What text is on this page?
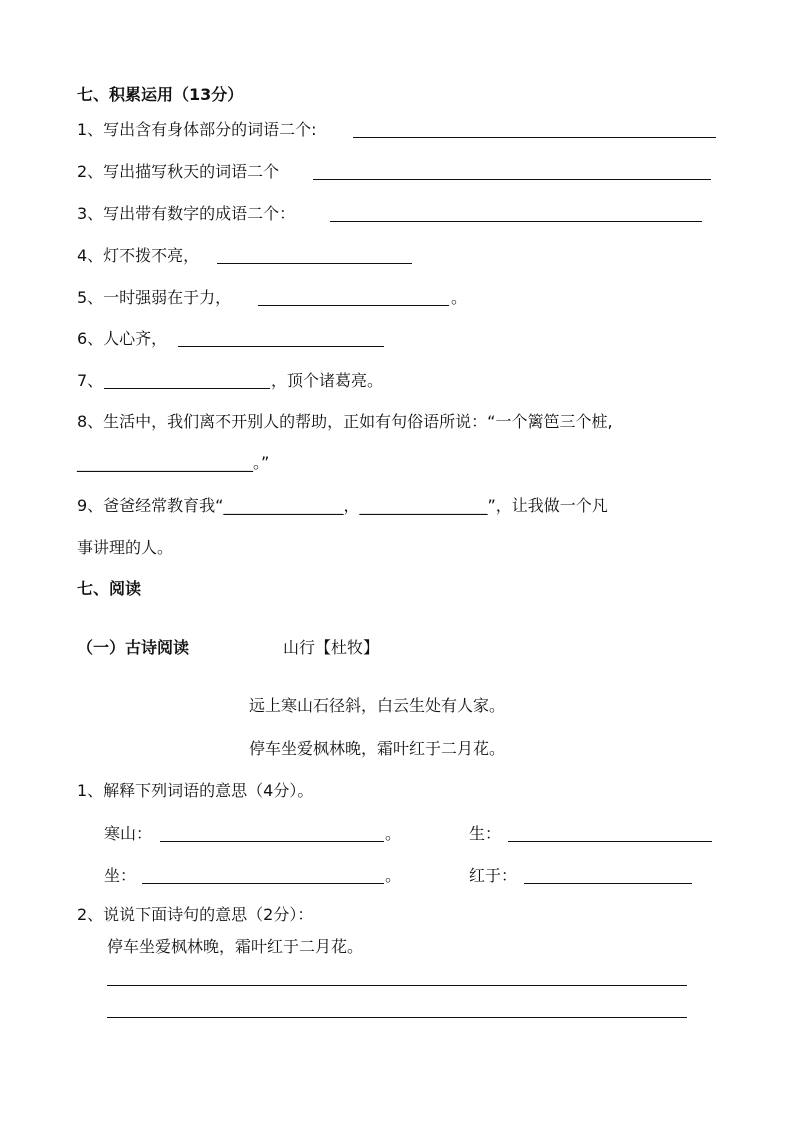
七、积累运用（13分）
1、写出含有身体部分的词语二个:
2、写出描写秋天的词语二个
3、写出带有数字的成语二个：
4、灯不拨不亮，
5、一时强弱在于力，	。
6、人心齐，
7、	，顶个诸葛亮。
8、生活中，我们离不开别人的帮助，正如有句俗语所说：“一个篱笆三个桩,
______________________。”
9、爸爸经常教育我“_______________，________________”，让我做一个凡
事讲理的人。
七、阅读
（一）古诗阅读	山行【杜牧】
远上寒山石径斜，白云生处有人家。
停车坐爱枫林晚，霜叶红于二月花。
1、解释下列词语的意思（4分）。
寒山：	。	生：
坐：	。	红于：
2、说说下面诗句的意思（2分）：
停车坐爱枫林晚，霜叶红于二月花。
